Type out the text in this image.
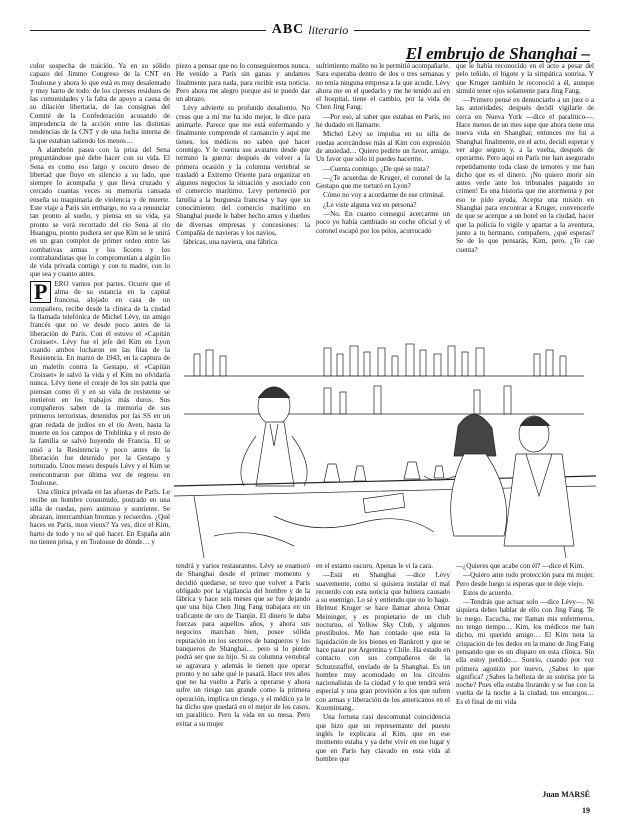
ABC literario
El embrujo de Shanghai –

culor sospecha de traición. Ya en su sólido capazo del Jimmo Congreso de la CNT en Toulouse y ahora lo que está es muy desalentado y muy harto de todo: de los cipreses residuos de las comunidades y la falta de apoyo a causa de su dilación libertaria, de las consignas del Comité de la Confederación acusando de imprudencia de la acción entre las distintas tendencias de la CNT y de una lucha interna de la que estaban saliendo los menos…

A alambrón pasea con la prisa del Sena preguntándose qué debe hacer con su vida. El Sena es como eso largo y oscuro deseo de libertad que fluye en silencio a su lado, que siempre lo acompaña y que lleva cruzado y cercado cuantas veces su memoria cansada enseña su maquinaria de violencia y de muerte. Este viaje a París sin embargo, no va a renunciar tan pronto al sueño, y piensa en su vida, ya pronto se verá recortado del río Sena al río Huangpu, pronto pudiera ser que Kim se le unirá en un gran complot de primer orden entre las combativas armas y los licores y los contrabandistas que lo comprometían a algún lío de vida privada contigo y con tu madre, con lo que sea y cuanto antes.

P ERO vamos por partes. Ocurre que el alma de su estancia en la capital francesa, alojado en casa de un compañero, recibe desde la clínica de la ciudad la llamada telefónica de Michel Lévy, un amigo francés que no ve desde poco antes de la liberación de París. Con él estuvo el «Capitán Croisset». Lévy fue el jefe del Kim en Lyon cuando ambos lucharon en las filas de la Resistencia. En marzo de 1943, en la captura de un maletín contra la Gestapo, el «Capitán Croisset» le salvó la vida y el Kim no olvidaría nunca. Lévy tiene el coraje de los sin patria que piensan como él y en su vida de resistente se metieron en los trabajos más duros. Sus compañeros saben de la memoria de sus primeros terroristas, detenidos por las SS en un gran redada de judíos en el río Aven, hasta la muerte en los campos de Treblinka y el resto de la familia se salvó huyendo de Francia. El se unió a la Resistencia y poco antes de la liberación fue detenido por la Gestapo y torturado. Unos meses después Lévy y el Kim se reencontraron por última vez de regreso en Toulouse.

Una clínica privada en las afueras de París. Le recibe un hombre consumido, postrado en una silla de ruedas, pero animoso y sonriente. Se abrazan, intercambian bromas y recuerdos. ¿Qué haces en París, mon vieux? Ya ves, dice el Kim, harto de todo y no sé qué hacer. En España aún no tienen prisa, y en Toulouse de dónde… y

piezo a pensar que no lo conseguiremos nunca. He venido a París sin ganas y andamos finalmente para nada, para recibir esta noticia. Pero ahora me alegro porque así te puedo dar un abrazo.

Lévy advierte su profundo desaliento. No creas que a mí me ha ido mejor, le dice para animarle. Parece que me está enfermando y finalmente comprende el cansancio y aquí me tienes, los médicos no saben qué hacer conmigo. Y le cuenta sus avatares desde que terminó la guerra: después de volver a la primera ocasión y la columna vertebral se trasladó a Extremo Oriente para organizar en algunos negocios la situación y asociado con el comercio marítimo. Levy perteneció por familia a la burguesía francesa y hay que su conocimiento del comercio marítimo en Shanghai puede le haber hecho amos y dueños de diversas empresas y concesiones: la Compañía de navieras y los navíos,

fábricas, una naviera, una fábrica

sufrimiento malito no le permitió acompañarle. Sara esperaba dentro de dos o tres semanas y no tenía ninguna empresa a la que acudir. Lévy ahora me en el quedarlo y me he tenido así en el hospital, tiene el cambio, por la vida de Chen Jing Fang.

—Por eso, al saber que estabas en París, no he dudado en llamarte.

Michel Lévy se impulsa en su silla de ruedas acercándose más al Kim con expresión de ansiedad… Quiero pedirte un favor, amigo. Un favor que sólo tú puedes hacerme.

—Cuenta conmigo. ¿De qué se trata?

—¿Te acuerdas de Kruger, el coronel de la Gestapo que me torturó en Lyon?

Cómo no voy a acordarme de ese criminal.

¿Le viste alguna vez en persona?

—No. En cuanto conseguí acercarme un poco yo había cambiado su coche oficial y el coronel escapó por los pelos, acurrucado

que le había reconocido en el acto a pesar del pelo teñido, el bigote y la simpática sonrisa. Y que Kruger también le reconoció a él, aunque simuló tener ojos solamente para Jing Fang.

—Primero pensé en denunciarlo a un juez o a las autoridades; después decidí vigilarle de cerca en Nueva York —dice el paralítico—. Hace menos de un mes supe que ahora tiene una nueva vida en Shanghai; entonces me fui a Shanghai finalmente, en el acto, decidí esperar y ver algo seguro y, a la vuelta, después de operarme. Pero aquí en París me han asegurado repetidamente toda clase de temores y me han dicho que es el dinero. ¡No quiero morir sin antes verle ante los tribunales pagando su crimen! Es una historia que me atormenta y por eso te pido ayuda. Acepta una misión en Shanghai para encontrar a Kruger, convencerle de que se acerque a un hotel en la ciudad, hacer que la policía lo vigile y apartar a la aventura, junto a tu hermano, compañero, ¿qué esperas? Se de lo que pensarás, Kim, pero, ¿Te cae cuenta?

tendrá y varios restaurantes. Lévy se enamoró de Shanghai desde el primer momento y decidió quedarse, se tuvo que volver a París obligado por la vigilancia del hombre y de la fábrica y hace seis meses que se fue dejando que una hija Chen Jing Fang trabajara en un traficante de oro de Tianjin. El dinero le daba fuerzas para aquellos años, y ahora sus negocios marchan bien, posee sólida reputación en los sectores de banqueros y los banqueros de Shanghai… pero si lo pierde podrá ser que su hijo. Si su columna vertebral se agravara y además le tienen que operar pronto y no sabe qué le pasará. Hace tres años que no ha vuelto a París a operarse y ahora sufre un riesgo tan grande como la primera operación, implica un riesgo, y el médico ya le ha dicho que quedará en el mejor de los casos, un paralítico. Pero la vida en su mesa. Pero evitar a su mujer

en el estanto oscuro. Apenas le vi la cara.

—Está en Shanghai —dice Lévy suavemente, como si quisiera instalar el mal recuerdo con esta noticia que hubiera causado a su enemigo. Lo sé y entiendo que no lo hago. Helmut Kruger se hace llamar ahora Omar Meininger, y es propietario de un club nocturno, el Yellow Sky Club, y algunos prostíbulos. Me han contado que esta la liquidación de los bienes en Bankrott y que se hace pasar por Argentina y Chile. Ha estado en contacto con sus compañeros de la Schutzstaffel, enviado de la Shanghai. Es un hombre muy acomodado en los círculos nacionalistas de la ciudad y lo que tendrá será especial y una gran provisión a los que sufren con armas y liberación de los americanos en el Kuomintang.

Una fortuna casi descomunal coincidencia que hizo que un representante del puesto inglés le explicara al Kim, que en ese momento estaba y ya debe vivir en ese lugar y que en París hay clavado en esta vida al hombre que

—¿Quieres que acabe con él? —dice el Kim.

—Quiero ante todo protección para mi mujer. Pero desde luego si esperas que te deje viejo.

Estos de acuerdo.

—Tendrás que actuar solo —dice Lévy—. Ni siquiera debes hablar de ello con Jing Fang. Te lo ruego. Escucha, me llaman mis enfermeros, no tengo tiempo… Kim, los médicos me han dicho, mi querido amigo… El Kim nota la crispación de los dedos en la mano de Jing Fang pensando que es un disparo en esta clínica. Sin ella estoy perdido… Sonrío, cuando por vez primera agonizo por nuevo, ¿Sabes lo que significa? ¿Sabes la belleza de su sonrisa por la noche? Pues ella estaba llorando y se fue con la vuelta de la noche a la ciudad, tus encargos… Es el final de mi vida

Juan MARSÉ
19
